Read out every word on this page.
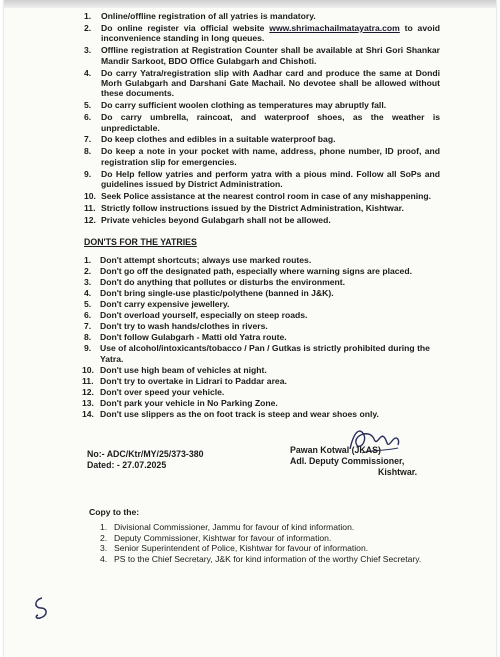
1. Online/offline registration of all yatries is mandatory.
2. Do online register via official website www.shrimachailmatayatra.com to avoid inconvenience standing in long queues.
3. Offline registration at Registration Counter shall be available at Shri Gori Shankar Mandir Sarkoot, BDO Office Gulabgarh and Chishoti.
4. Do carry Yatra/registration slip with Aadhar card and produce the same at Dondi Morh Gulabgarh and Darshani Gate Machail. No devotee shall be allowed without these documents.
5. Do carry sufficient woolen clothing as temperatures may abruptly fall.
6. Do carry umbrella, raincoat, and waterproof shoes, as the weather is unpredictable.
7. Do keep clothes and edibles in a suitable waterproof bag.
8. Do keep a note in your pocket with name, address, phone number, ID proof, and registration slip for emergencies.
9. Do Help fellow yatries and perform yatra with a pious mind. Follow all SoPs and guidelines issued by District Administration.
10. Seek Police assistance at the nearest control room in case of any mishappening.
11. Strictly follow instructions issued by the District Administration, Kishtwar.
12. Private vehicles beyond Gulabgarh shall not be allowed.
DON'TS FOR THE YATRIES
1. Don't attempt shortcuts; always use marked routes.
2. Don't go off the designated path, especially where warning signs are placed.
3. Don't do anything that pollutes or disturbs the environment.
4. Don't bring single-use plastic/polythene (banned in J&K).
5. Don't carry expensive jewellery.
6. Don't overload yourself, especially on steep roads.
7. Don't try to wash hands/clothes in rivers.
8. Don't follow Gulabgarh - Matti old Yatra route.
9. Use of alcohol/intoxicants/tobacco / Pan / Gutkas is strictly prohibited during the Yatra.
10. Don't use high beam of vehicles at night.
11. Don't try to overtake in Lidrari to Paddar area.
12. Don't over speed your vehicle.
13. Don't park your vehicle in No Parking Zone.
14. Don't use slippers as the on foot track is steep and wear shoes only.
No:- ADC/Ktr/MY/25/373-380
Dated: - 27.07.2025
Pawan Kotwal (JKAS)
Adl. Deputy Commissioner,
Kishtwar.
Copy to the:
1. Divisional Commissioner, Jammu for favour of kind information.
2. Deputy Commissioner, Kishtwar for favour of information.
3. Senior Superintendent of Police, Kishtwar for favour of information.
4. PS to the Chief Secretary, J&K for kind information of the worthy Chief Secretary.
